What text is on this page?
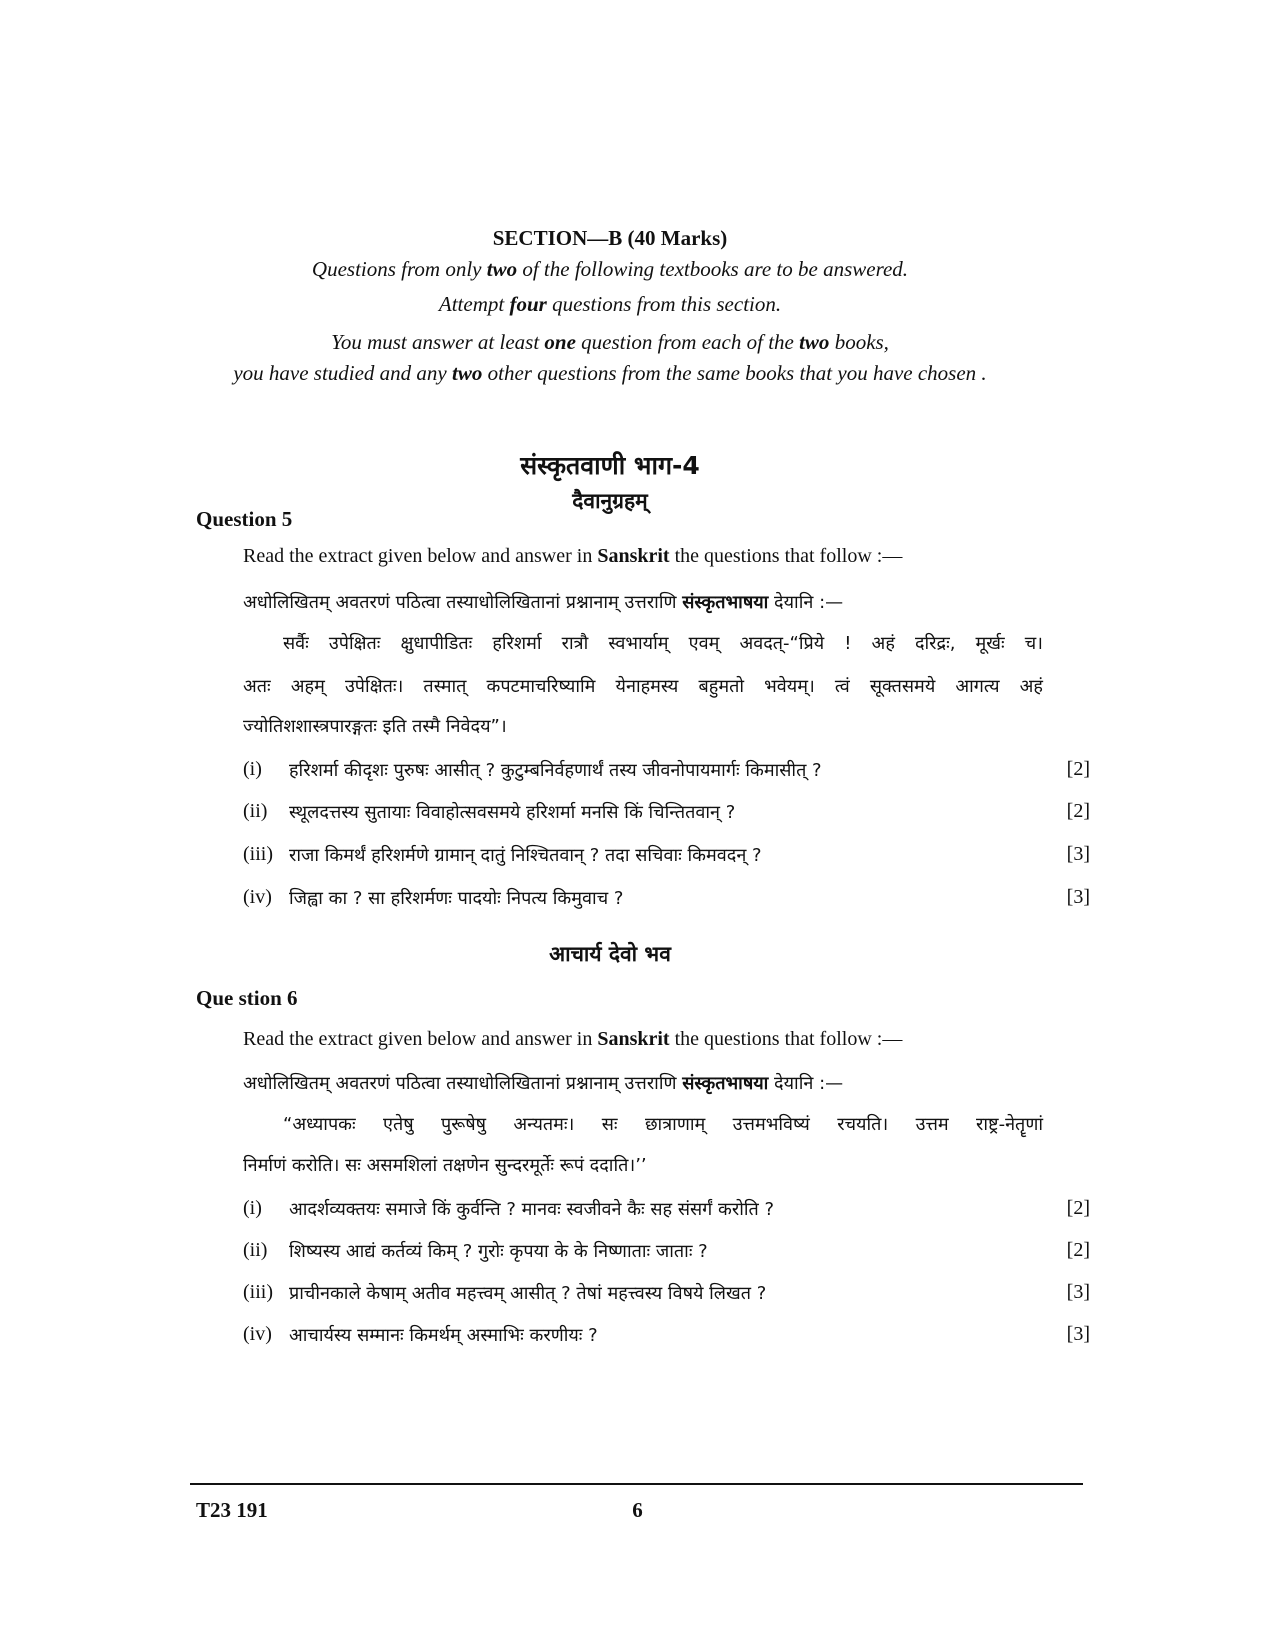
SECTION—B (40 Marks)
Questions from only two of the following textbooks are to be answered.
Attempt four questions from this section.
You must answer at least one question from each of the two books,
you have studied and any two other questions from the same books that you have chosen .
संस्कृतवाणी भाग-4
दैवानुग्रहम्
Question 5
Read the extract given below and answer in Sanskrit the questions that follow :—
अधोलिखितम् अवतरणं पठित्वा तस्याधोलिखितानां प्रश्नानाम् उत्तराणि संस्कृतभाषया देयानि :—
सर्वैः उपेक्षितः क्षुधापीडितः हरिशर्मा रात्रौ स्वभार्याम् एवम् अवदत्-“प्रिये ! अहं दरिद्रः, मूर्खः च।
अतः अहम् उपेक्षितः। तस्मात् कपटमाचरिष्यामि येनाहमस्य बहुमतो भवेयम्। त्वं सूक्तसमये आगत्य अहं
ज्योतिशशास्त्रपारङ्गतः इति तस्मै निवेदय”।
(i) हरिशर्मा कीदृशः पुरुषः आसीत् ? कुटुम्बनिर्वहणार्थं तस्य जीवनोपायमार्गः किमासीत् ?	[2]
(ii) स्थूलदत्तस्य सुतायाः विवाहोत्सवसमये हरिशर्मा मनसि किं चिन्तितवान् ?	[2]
(iii) राजा किमर्थं हरिशर्मणे ग्रामान् दातुं निश्चितवान् ? तदा सचिवाः किमवदन् ?	[3]
(iv) जिह्वा का ? सा हरिशर्मणः पादयोः निपत्य किमुवाच ?	[3]
आचार्य देवो भव
Que stion 6
Read the extract given below and answer in Sanskrit the questions that follow :—
अधोलिखितम् अवतरणं पठित्वा तस्याधोलिखितानां प्रश्नानाम् उत्तराणि संस्कृतभाषया देयानि :—
“अध्यापकः एतेषु पुरूषेषु अन्यतमः। सः छात्राणाम् उत्तमभविष्यं रचयति। उत्तम राष्ट्र-नेतॄणां
निर्माणं करोति। सः असमशिलां तक्षणेन सुन्दरमूर्तेः रूपं ददाति।’’
(i) आदर्शव्यक्तयः समाजे किं कुर्वन्ति ? मानवः स्वजीवने कैः सह संसर्गं करोति ?	[2]
(ii) शिष्यस्य आद्यं कर्तव्यं किम् ? गुरोः कृपया के के निष्णाताः जाताः ?	[2]
(iii) प्राचीनकाले केषाम् अतीव महत्त्वम् आसीत् ? तेषां महत्त्वस्य विषये लिखत ?	[3]
(iv) आचार्यस्य सम्मानः किमर्थम् अस्माभिः करणीयः ?	[3]
T23 191	6
